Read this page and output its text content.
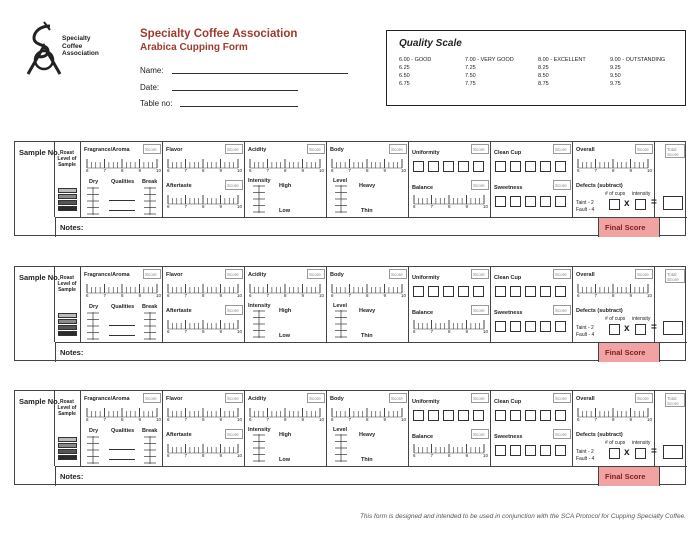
Specialty
Coffee
Association
Specialty Coffee Association
Arabica Cupping Form
Name:
Date:
Table no:
Quality Scale
6.00 - GOOD	7.00 - VERY GOOD	8.00 - EXCELLENT	9.00 - OUTSTANDING
6.25	7.25	8.25	9.25
6.50	7.50	8.50	9.50
6.75	7.75	8.75	9.75
Sample No. Roast Level of Sample
Fragrance/Aroma	Score
6	7	8	9	10
Dry Qualities Break
Flavor	Score
6	7	8	9	10
Aftertaste	Score
6	7	8	9	10
Acidity	Score
6	7	8	9	10
Intensity
High
Low
Body	Score
6	7	8	9	10
Level
Heavy
Thin
Uniformity
Score
Balance	Score
6	7	8	9	10
Clean Cup
Score
Sweetness	Score
Overall	Score
6	7	8	9	10
Defects (subtract)
# of cups intensity
Taint - 2
Fault - 4
x =
Total Score
Notes:	Final Score
Sample No. Roast Level of Sample
Fragrance/Aroma	Score
6	7	8	9	10
Dry Qualities Break
Flavor	Score
6	7	8	9	10
Aftertaste	Score
6	7	8	9	10
Acidity	Score
6	7	8	9	10
Intensity
High
Low
Body	Score
6	7	8	9	10
Level
Heavy
Thin
Uniformity
Score
Balance	Score
6	7	8	9	10
Clean Cup
Score
Sweetness	Score
Overall	Score
6	7	8	9	10
Defects (subtract)
# of cups intensity
Taint - 2
Fault - 4
x =
Total Score
Notes:	Final Score
Sample No. Roast Level of Sample
Fragrance/Aroma	Score
6	7	8	9	10
Dry Qualities Break
Flavor	Score
6	7	8	9	10
Aftertaste	Score
6	7	8	9	10
Acidity	Score
6	7	8	9	10
Intensity
High
Low
Body	Score
6	7	8	9	10
Level
Heavy
Thin
Uniformity
Score
Balance	Score
6	7	8	9	10
Clean Cup
Score
Sweetness	Score
Overall	Score
6	7	8	9	10
Defects (subtract)
# of cups intensity
Taint - 2
Fault - 4
x =
Total Score
Notes:	Final Score
This form is designed and intended to be used in conjunction with the SCA Protocol for Cupping Specialty Coffee.
